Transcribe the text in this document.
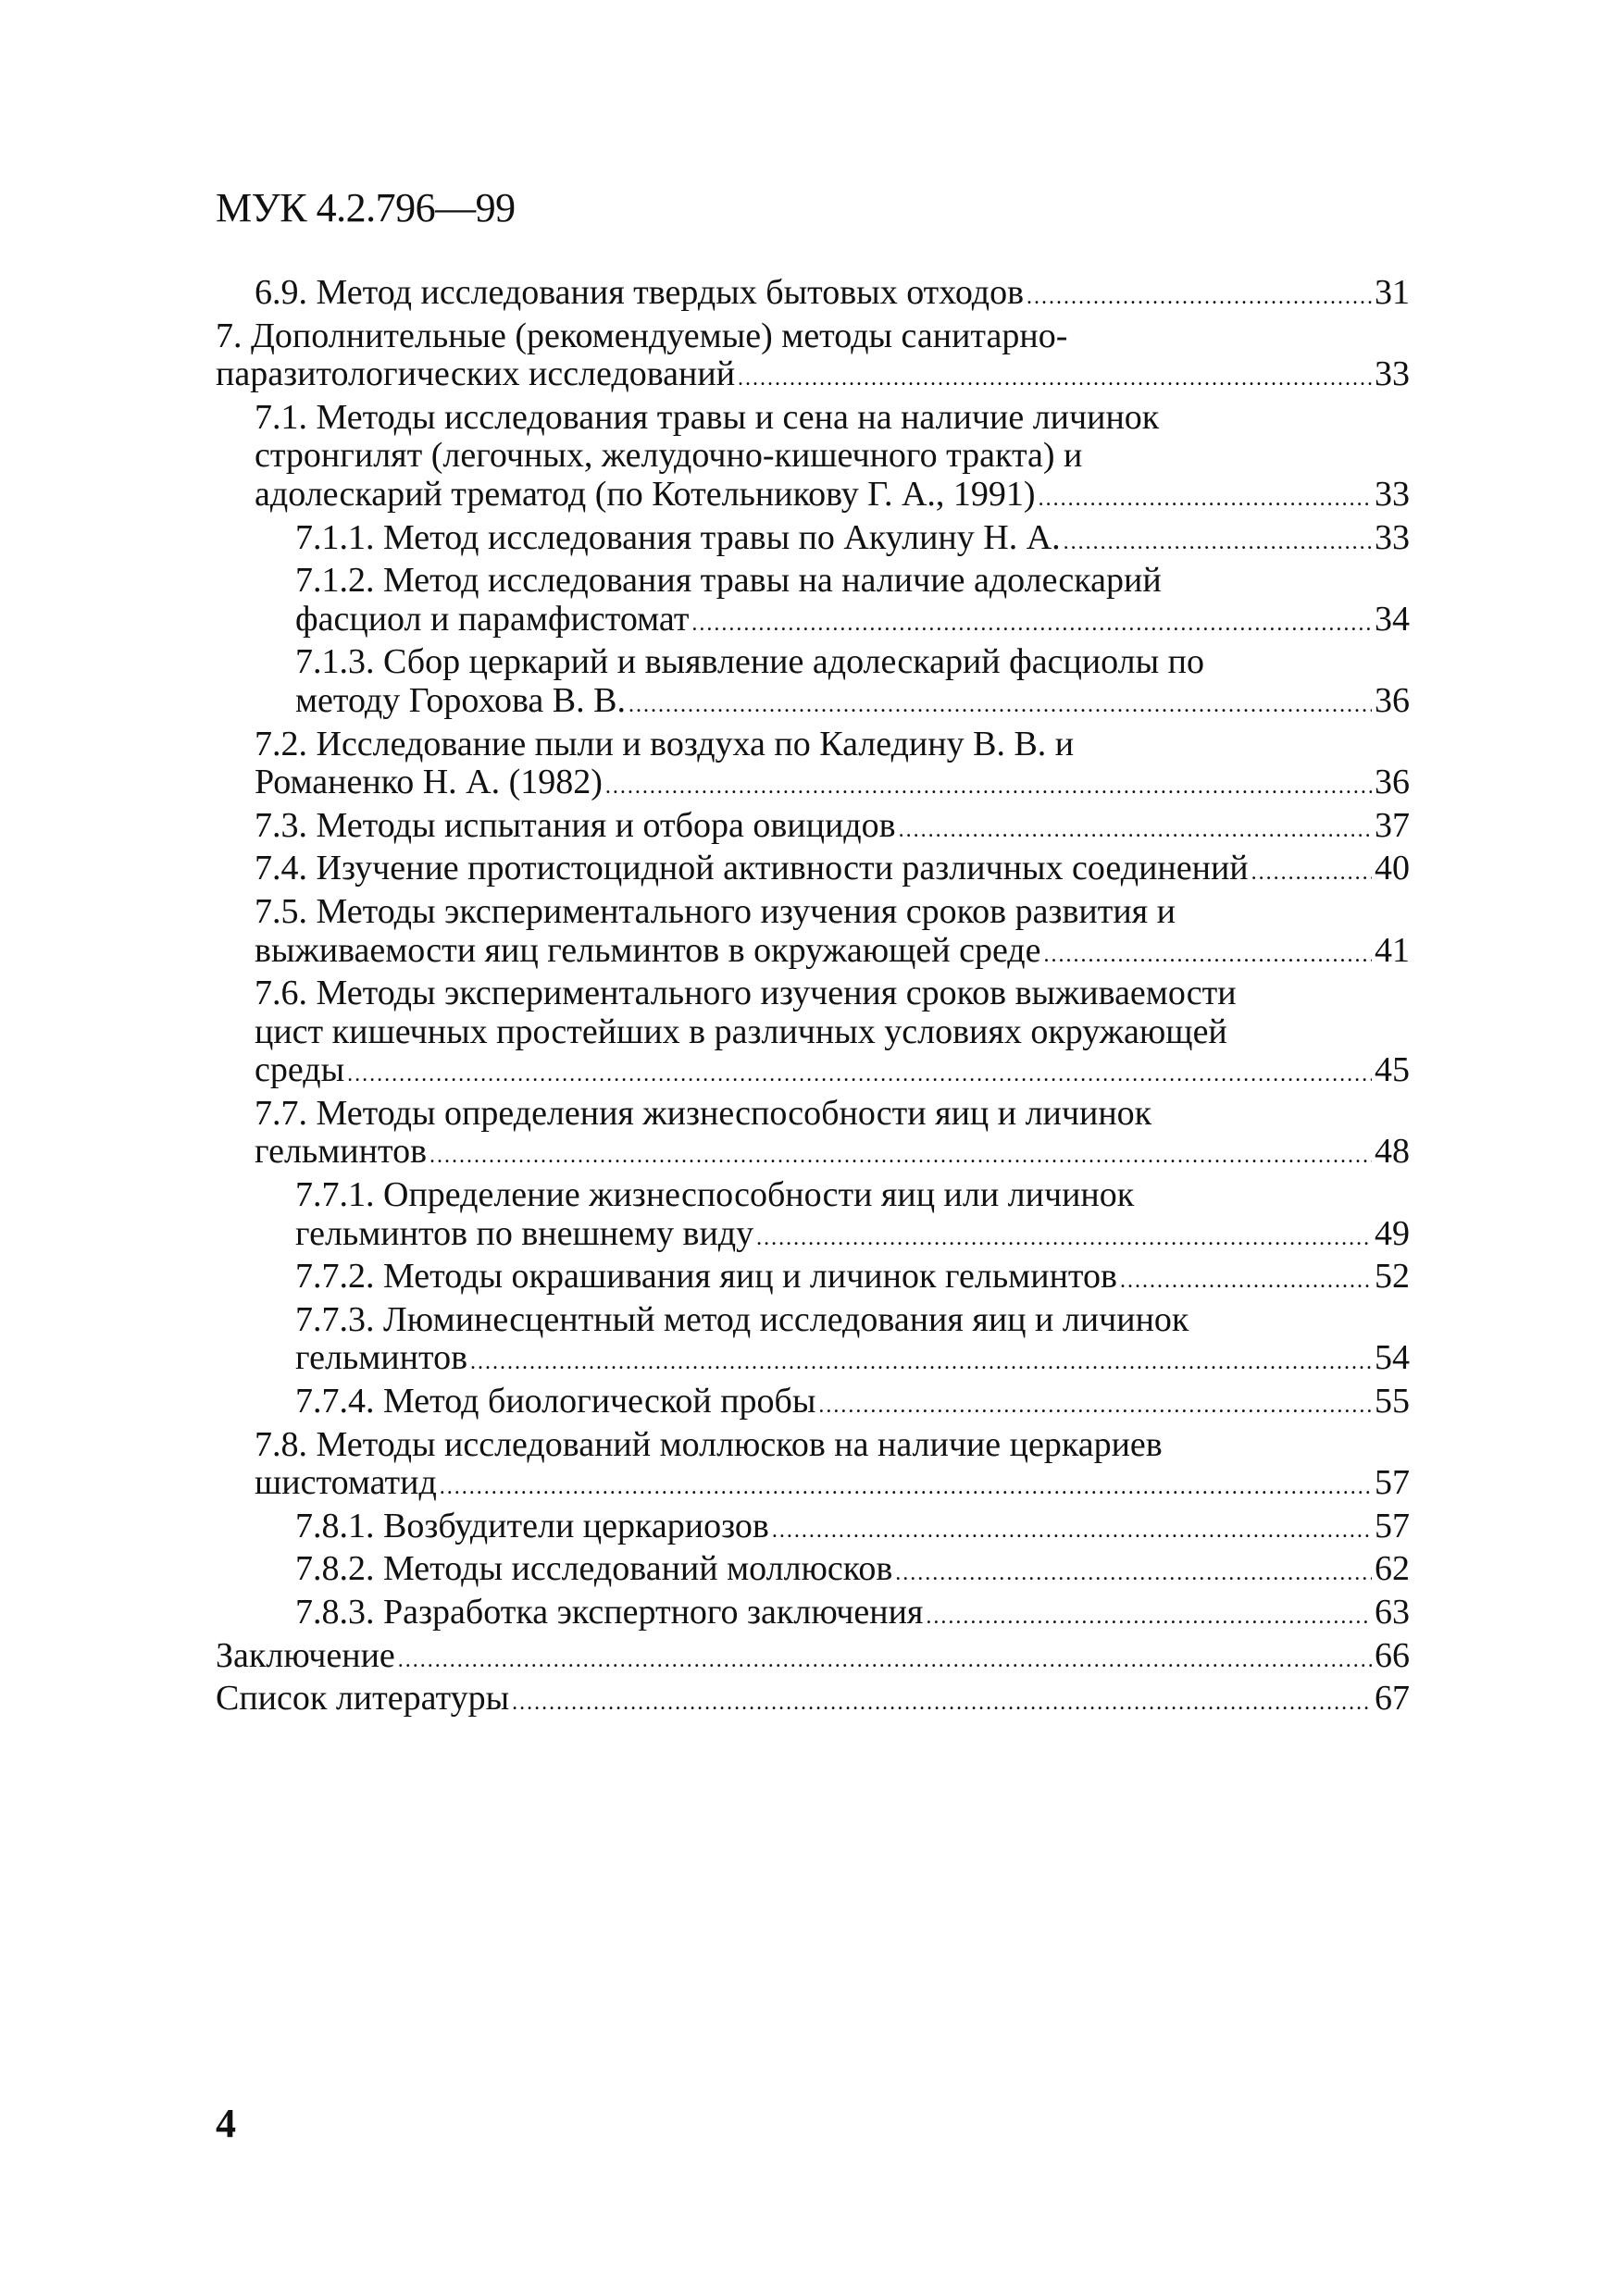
МУК 4.2.796—99
6.9. Метод исследования твердых бытовых отходов .....	31
7. Дополнительные (рекомендуемые) методы санитарно-
паразитологических исследований .....	33
7.1. Методы исследования травы и сена на наличие личинок
стронгилят (легочных, желудочно-кишечного тракта) и
адолескарий трематод (по Котельникову Г. А., 1991) .....	33
7.1.1. Метод исследования травы по Акулину Н. А. .....	33
7.1.2. Метод исследования травы на наличие адолескарий
фасциол и парамфистомат .....	34
7.1.3. Сбор церкарий и выявление адолескарий фасциолы по
методу Горохова В. В. .....	36
7.2. Исследование пыли и воздуха по Каледину В. В. и
Романенко Н. А. (1982) .....	36
7.3. Методы испытания и отбора овицидов .....	37
7.4. Изучение протистоцидной активности различных соединений .....	40
7.5. Методы экспериментального изучения сроков развития и
выживаемости яиц гельминтов в окружающей среде .....	41
7.6. Методы экспериментального изучения сроков выживаемости
цист кишечных простейших в различных условиях окружающей
среды .....	45
7.7. Методы определения жизнеспособности яиц и личинок
гельминтов .....	48
7.7.1. Определение жизнеспособности яиц или личинок
гельминтов по внешнему виду .....	49
7.7.2. Методы окрашивания яиц и личинок гельминтов .....	52
7.7.3. Люминесцентный метод исследования яиц и личинок
гельминтов .....	54
7.7.4. Метод биологической пробы .....	55
7.8. Методы исследований моллюсков на наличие церкариев
шистоматид .....	57
7.8.1. Возбудители церкариозов .....	57
7.8.2. Методы исследований моллюсков .....	62
7.8.3. Разработка экспертного заключения .....	63
Заключение .....	66
Список литературы .....	67
4
